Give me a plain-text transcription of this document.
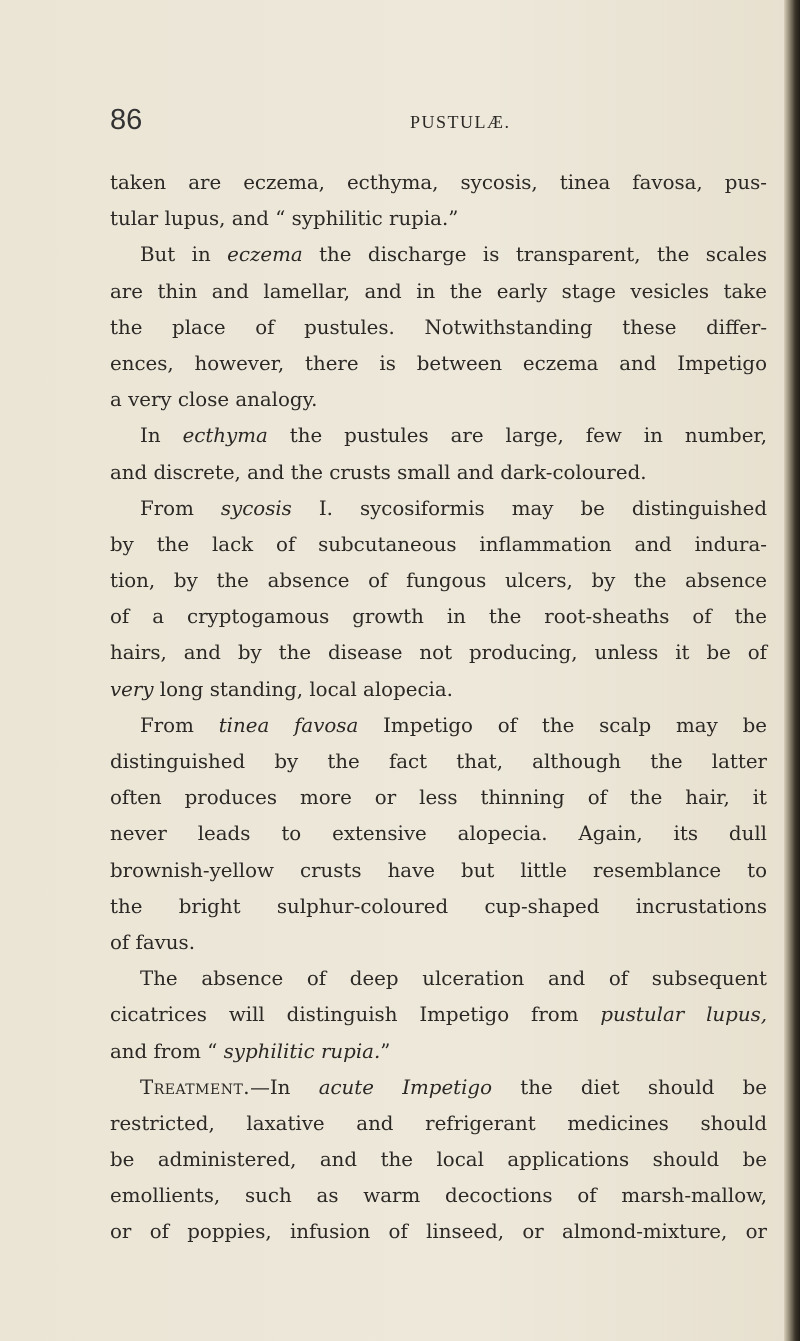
86	PUSTULÆ.
taken are eczema, ecthyma, sycosis, tinea favosa, pus-
tular lupus, and “ syphilitic rupia.”
But in eczema the discharge is transparent, the scales
are thin and lamellar, and in the early stage vesicles take
the place of pustules. Notwithstanding these differ-
ences, however, there is between eczema and Impetigo
a very close analogy.
In ecthyma the pustules are large, few in number,
and discrete, and the crusts small and dark-coloured.
From sycosis I. sycosiformis may be distinguished
by the lack of subcutaneous inflammation and indura-
tion, by the absence of fungous ulcers, by the absence
of a cryptogamous growth in the root-sheaths of the
hairs, and by the disease not producing, unless it be of
very long standing, local alopecia.
From tinea favosa Impetigo of the scalp may be
distinguished by the fact that, although the latter
often produces more or less thinning of the hair, it
never leads to extensive alopecia. Again, its dull
brownish-yellow crusts have but little resemblance to
the bright sulphur-coloured cup-shaped incrustations
of favus.
The absence of deep ulceration and of subsequent
cicatrices will distinguish Impetigo from pustular lupus,
and from “ syphilitic rupia.”
Treatment.—In acute Impetigo the diet should be
restricted, laxative and refrigerant medicines should
be administered, and the local applications should be
emollients, such as warm decoctions of marsh-mallow,
or of poppies, infusion of linseed, or almond-mixture, or
